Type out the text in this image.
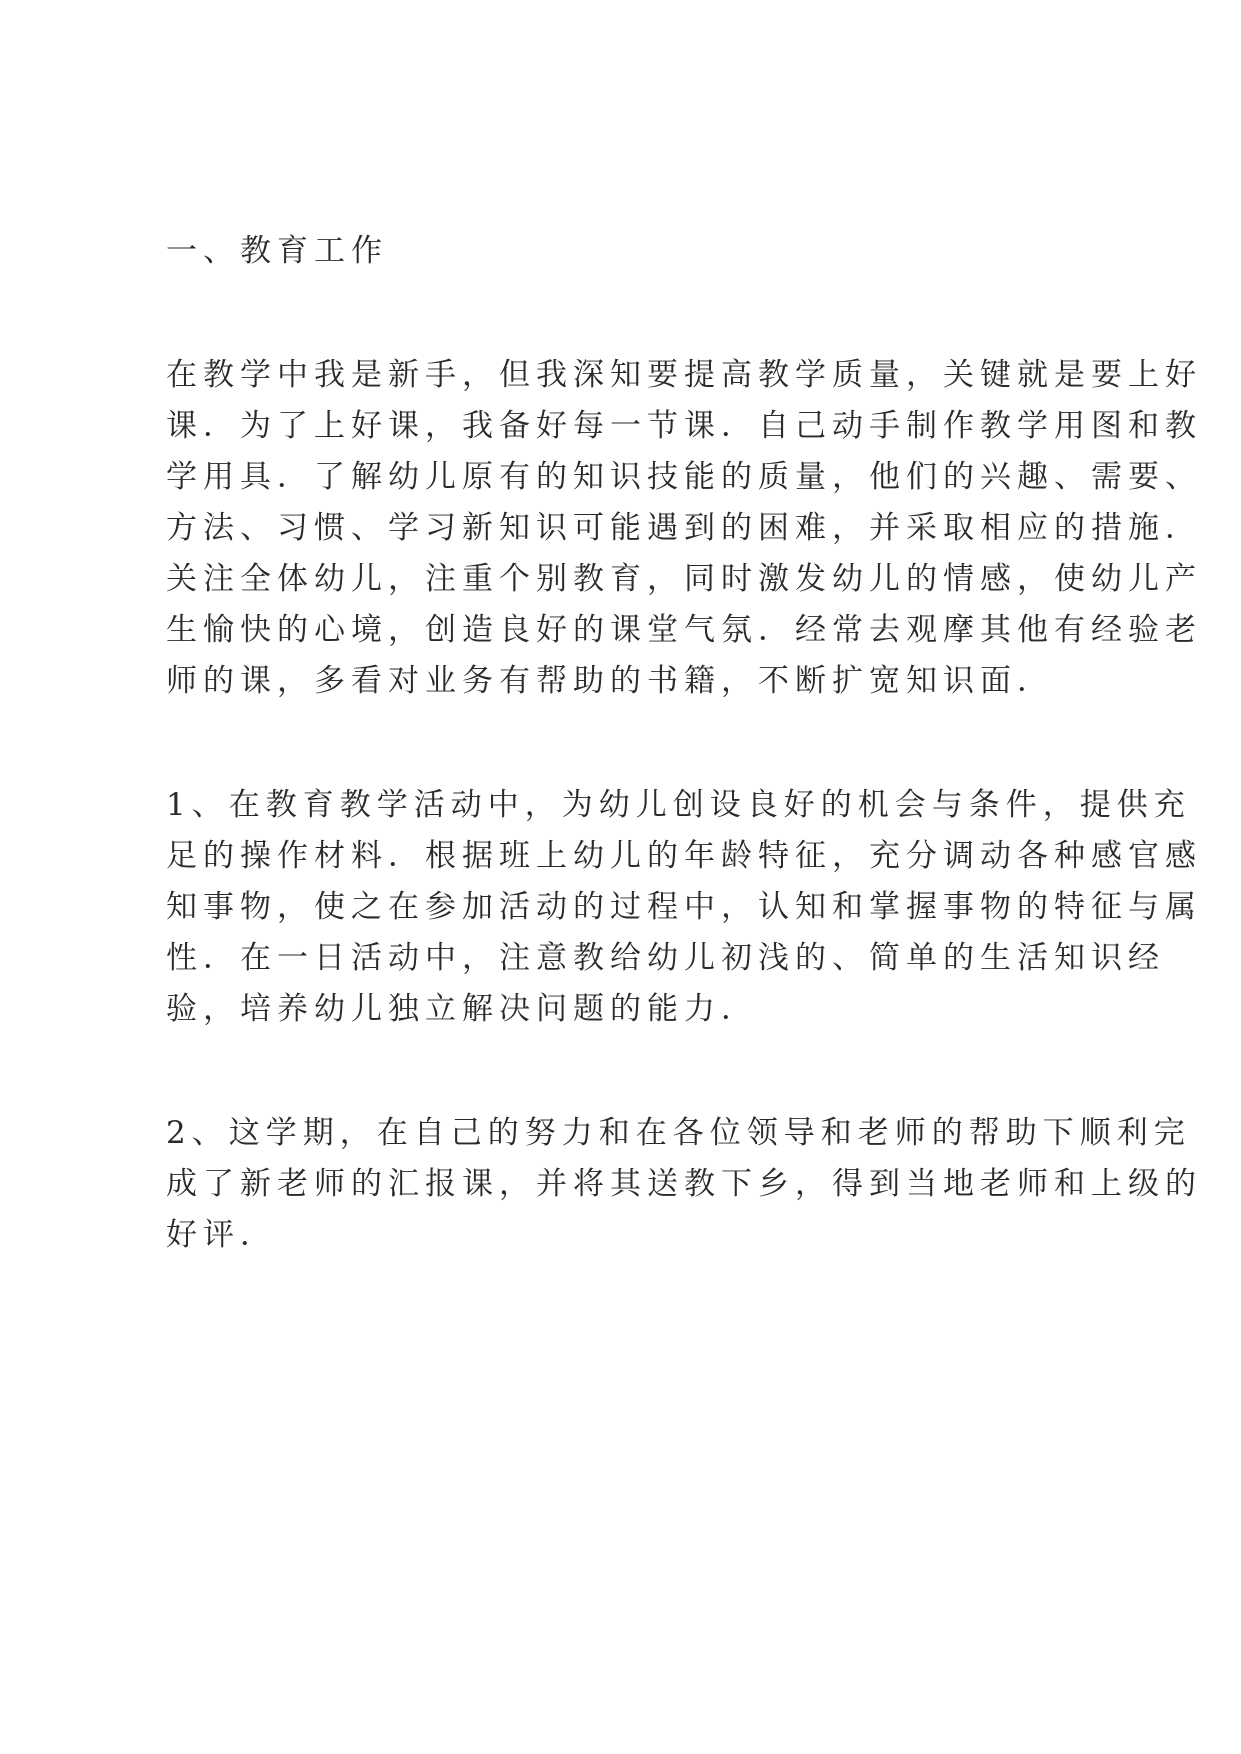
一、教育工作
在教学中我是新手，但我深知要提高教学质量，关键就是要上好
课．为了上好课，我备好每一节课．自己动手制作教学用图和教
学用具．了解幼儿原有的知识技能的质量，他们的兴趣、需要、
方法、习惯、学习新知识可能遇到的困难，并采取相应的措施．
关注全体幼儿，注重个别教育，同时激发幼儿的情感，使幼儿产
生愉快的心境，创造良好的课堂气氛．经常去观摩其他有经验老
师的课，多看对业务有帮助的书籍，不断扩宽知识面．
1、在教育教学活动中，为幼儿创设良好的机会与条件，提供充
足的操作材料．根据班上幼儿的年龄特征，充分调动各种感官感
知事物，使之在参加活动的过程中，认知和掌握事物的特征与属
性．在一日活动中，注意教给幼儿初浅的、简单的生活知识经
验，培养幼儿独立解决问题的能力．
2、这学期，在自己的努力和在各位领导和老师的帮助下顺利完
成了新老师的汇报课，并将其送教下乡，得到当地老师和上级的
好评．
